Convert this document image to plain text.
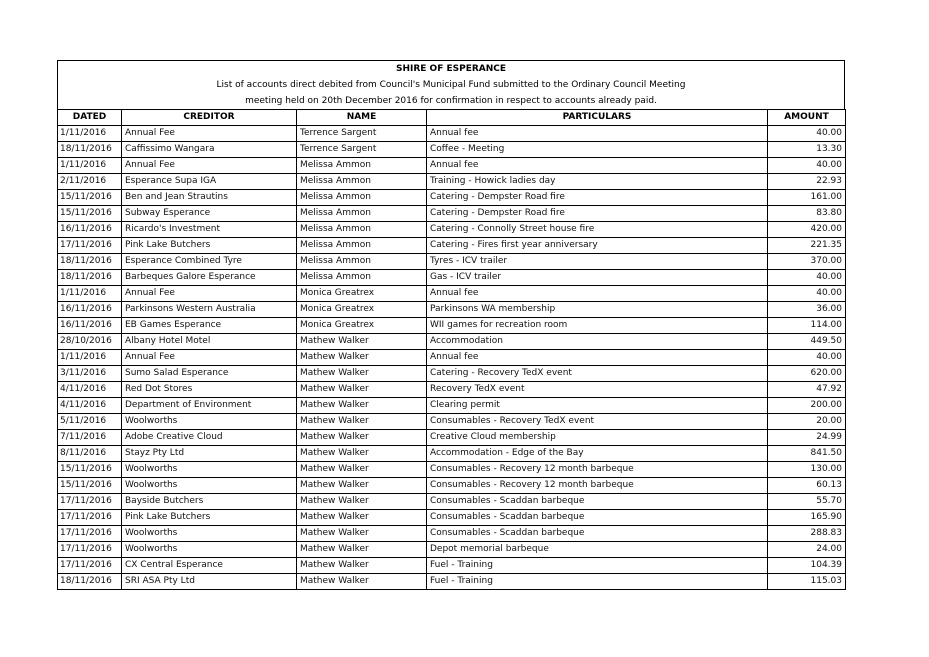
SHIRE OF ESPERANCE
List of accounts direct debited from Council's Municipal Fund submitted to the Ordinary Council Meeting
meeting held on 20th December 2016 for confirmation in respect to accounts already paid.
DATED	CREDITOR	NAME	PARTICULARS	AMOUNT
1/11/2016	Annual Fee	Terrence Sargent	Annual fee	40.00
18/11/2016	Caffissimo Wangara	Terrence Sargent	Coffee - Meeting	13.30
1/11/2016	Annual Fee	Melissa Ammon	Annual fee	40.00
2/11/2016	Esperance Supa IGA	Melissa Ammon	Training - Howick ladies day	22.93
15/11/2016	Ben and Jean Strautins	Melissa Ammon	Catering - Dempster Road fire	161.00
15/11/2016	Subway Esperance	Melissa Ammon	Catering - Dempster Road fire	83.80
16/11/2016	Ricardo's Investment	Melissa Ammon	Catering - Connolly Street house fire	420.00
17/11/2016	Pink Lake Butchers	Melissa Ammon	Catering - Fires first year anniversary	221.35
18/11/2016	Esperance Combined Tyre	Melissa Ammon	Tyres - ICV trailer	370.00
18/11/2016	Barbeques Galore Esperance	Melissa Ammon	Gas - ICV trailer	40.00
1/11/2016	Annual Fee	Monica Greatrex	Annual fee	40.00
16/11/2016	Parkinsons Western Australia	Monica Greatrex	Parkinsons WA membership	36.00
16/11/2016	EB Games Esperance	Monica Greatrex	WII games for recreation room	114.00
28/10/2016	Albany Hotel Motel	Mathew Walker	Accommodation	449.50
1/11/2016	Annual Fee	Mathew Walker	Annual fee	40.00
3/11/2016	Sumo Salad Esperance	Mathew Walker	Catering - Recovery TedX event	620.00
4/11/2016	Red Dot Stores	Mathew Walker	Recovery TedX event	47.92
4/11/2016	Department of Environment	Mathew Walker	Clearing permit	200.00
5/11/2016	Woolworths	Mathew Walker	Consumables - Recovery TedX event	20.00
7/11/2016	Adobe Creative Cloud	Mathew Walker	Creative Cloud membership	24.99
8/11/2016	Stayz Pty Ltd	Mathew Walker	Accommodation - Edge of the Bay	841.50
15/11/2016	Woolworths	Mathew Walker	Consumables - Recovery 12 month barbeque	130.00
15/11/2016	Woolworths	Mathew Walker	Consumables - Recovery 12 month barbeque	60.13
17/11/2016	Bayside Butchers	Mathew Walker	Consumables - Scaddan barbeque	55.70
17/11/2016	Pink Lake Butchers	Mathew Walker	Consumables - Scaddan barbeque	165.90
17/11/2016	Woolworths	Mathew Walker	Consumables - Scaddan barbeque	288.83
17/11/2016	Woolworths	Mathew Walker	Depot memorial barbeque	24.00
17/11/2016	CX Central Esperance	Mathew Walker	Fuel - Training	104.39
18/11/2016	SRI ASA Pty Ltd	Mathew Walker	Fuel - Training	115.03
